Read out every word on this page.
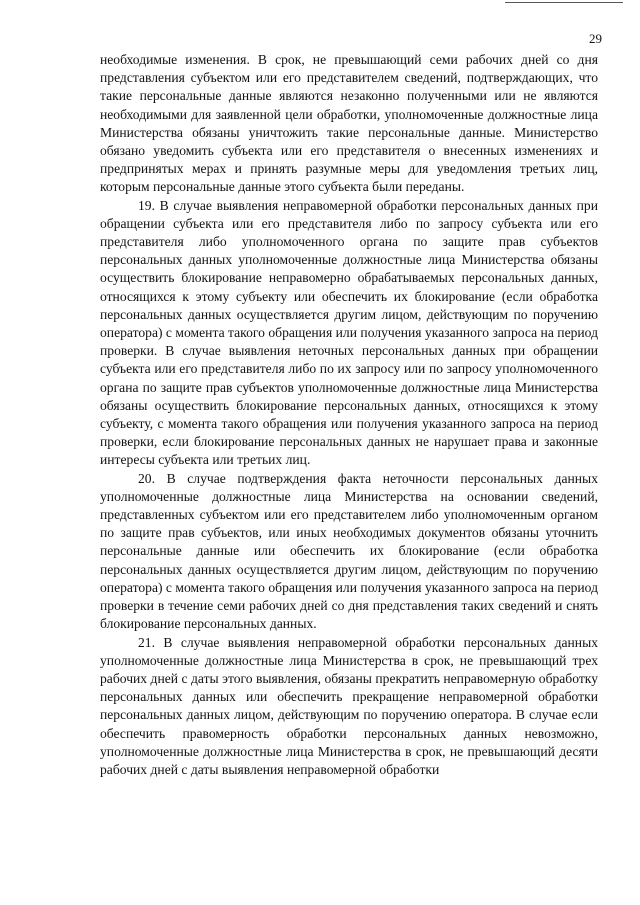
29

необходимые изменения. В срок, не превышающий семи рабочих дней со дня представления субъектом или его представителем сведений, подтверждающих, что такие персональные данные являются незаконно полученными или не являются необходимыми для заявленной цели обработки, уполномоченные должностные лица Министерства обязаны уничтожить такие персональные данные. Министерство обязано уведомить субъекта или его представителя о внесенных изменениях и предпринятых мерах и принять разумные меры для уведомления третьих лиц, которым персональные данные этого субъекта были переданы.

19. В случае выявления неправомерной обработки персональных данных при обращении субъекта или его представителя либо по запросу субъекта или его представителя либо уполномоченного органа по защите прав субъектов персональных данных уполномоченные должностные лица Министерства обязаны осуществить блокирование неправомерно обрабатываемых персональных данных, относящихся к этому субъекту или обеспечить их блокирование (если обработка персональных данных осуществляется другим лицом, действующим по поручению оператора) с момента такого обращения или получения указанного запроса на период проверки. В случае выявления неточных персональных данных при обращении субъекта или его представителя либо по их запросу или по запросу уполномоченного органа по защите прав субъектов уполномоченные должностные лица Министерства обязаны осуществить блокирование персональных данных, относящихся к этому субъекту, с момента такого обращения или получения указанного запроса на период проверки, если блокирование персональных данных не нарушает права и законные интересы субъекта или третьих лиц.

20. В случае подтверждения факта неточности персональных данных уполномоченные должностные лица Министерства на основании сведений, представленных субъектом или его представителем либо уполномоченным органом по защите прав субъектов, или иных необходимых документов обязаны уточнить персональные данные или обеспечить их блокирование (если обработка персональных данных осуществляется другим лицом, действующим по поручению оператора) с момента такого обращения или получения указанного запроса на период проверки в течение семи рабочих дней со дня представления таких сведений и снять блокирование персональных данных.

21. В случае выявления неправомерной обработки персональных данных уполномоченные должностные лица Министерства в срок, не превышающий трех рабочих дней с даты этого выявления, обязаны прекратить неправомерную обработку персональных данных или обеспечить прекращение неправомерной обработки персональных данных лицом, действующим по поручению оператора. В случае если обеспечить правомерность обработки персональных данных невозможно, уполномоченные должностные лица Министерства в срок, не превышающий десяти рабочих дней с даты выявления неправомерной обработки
